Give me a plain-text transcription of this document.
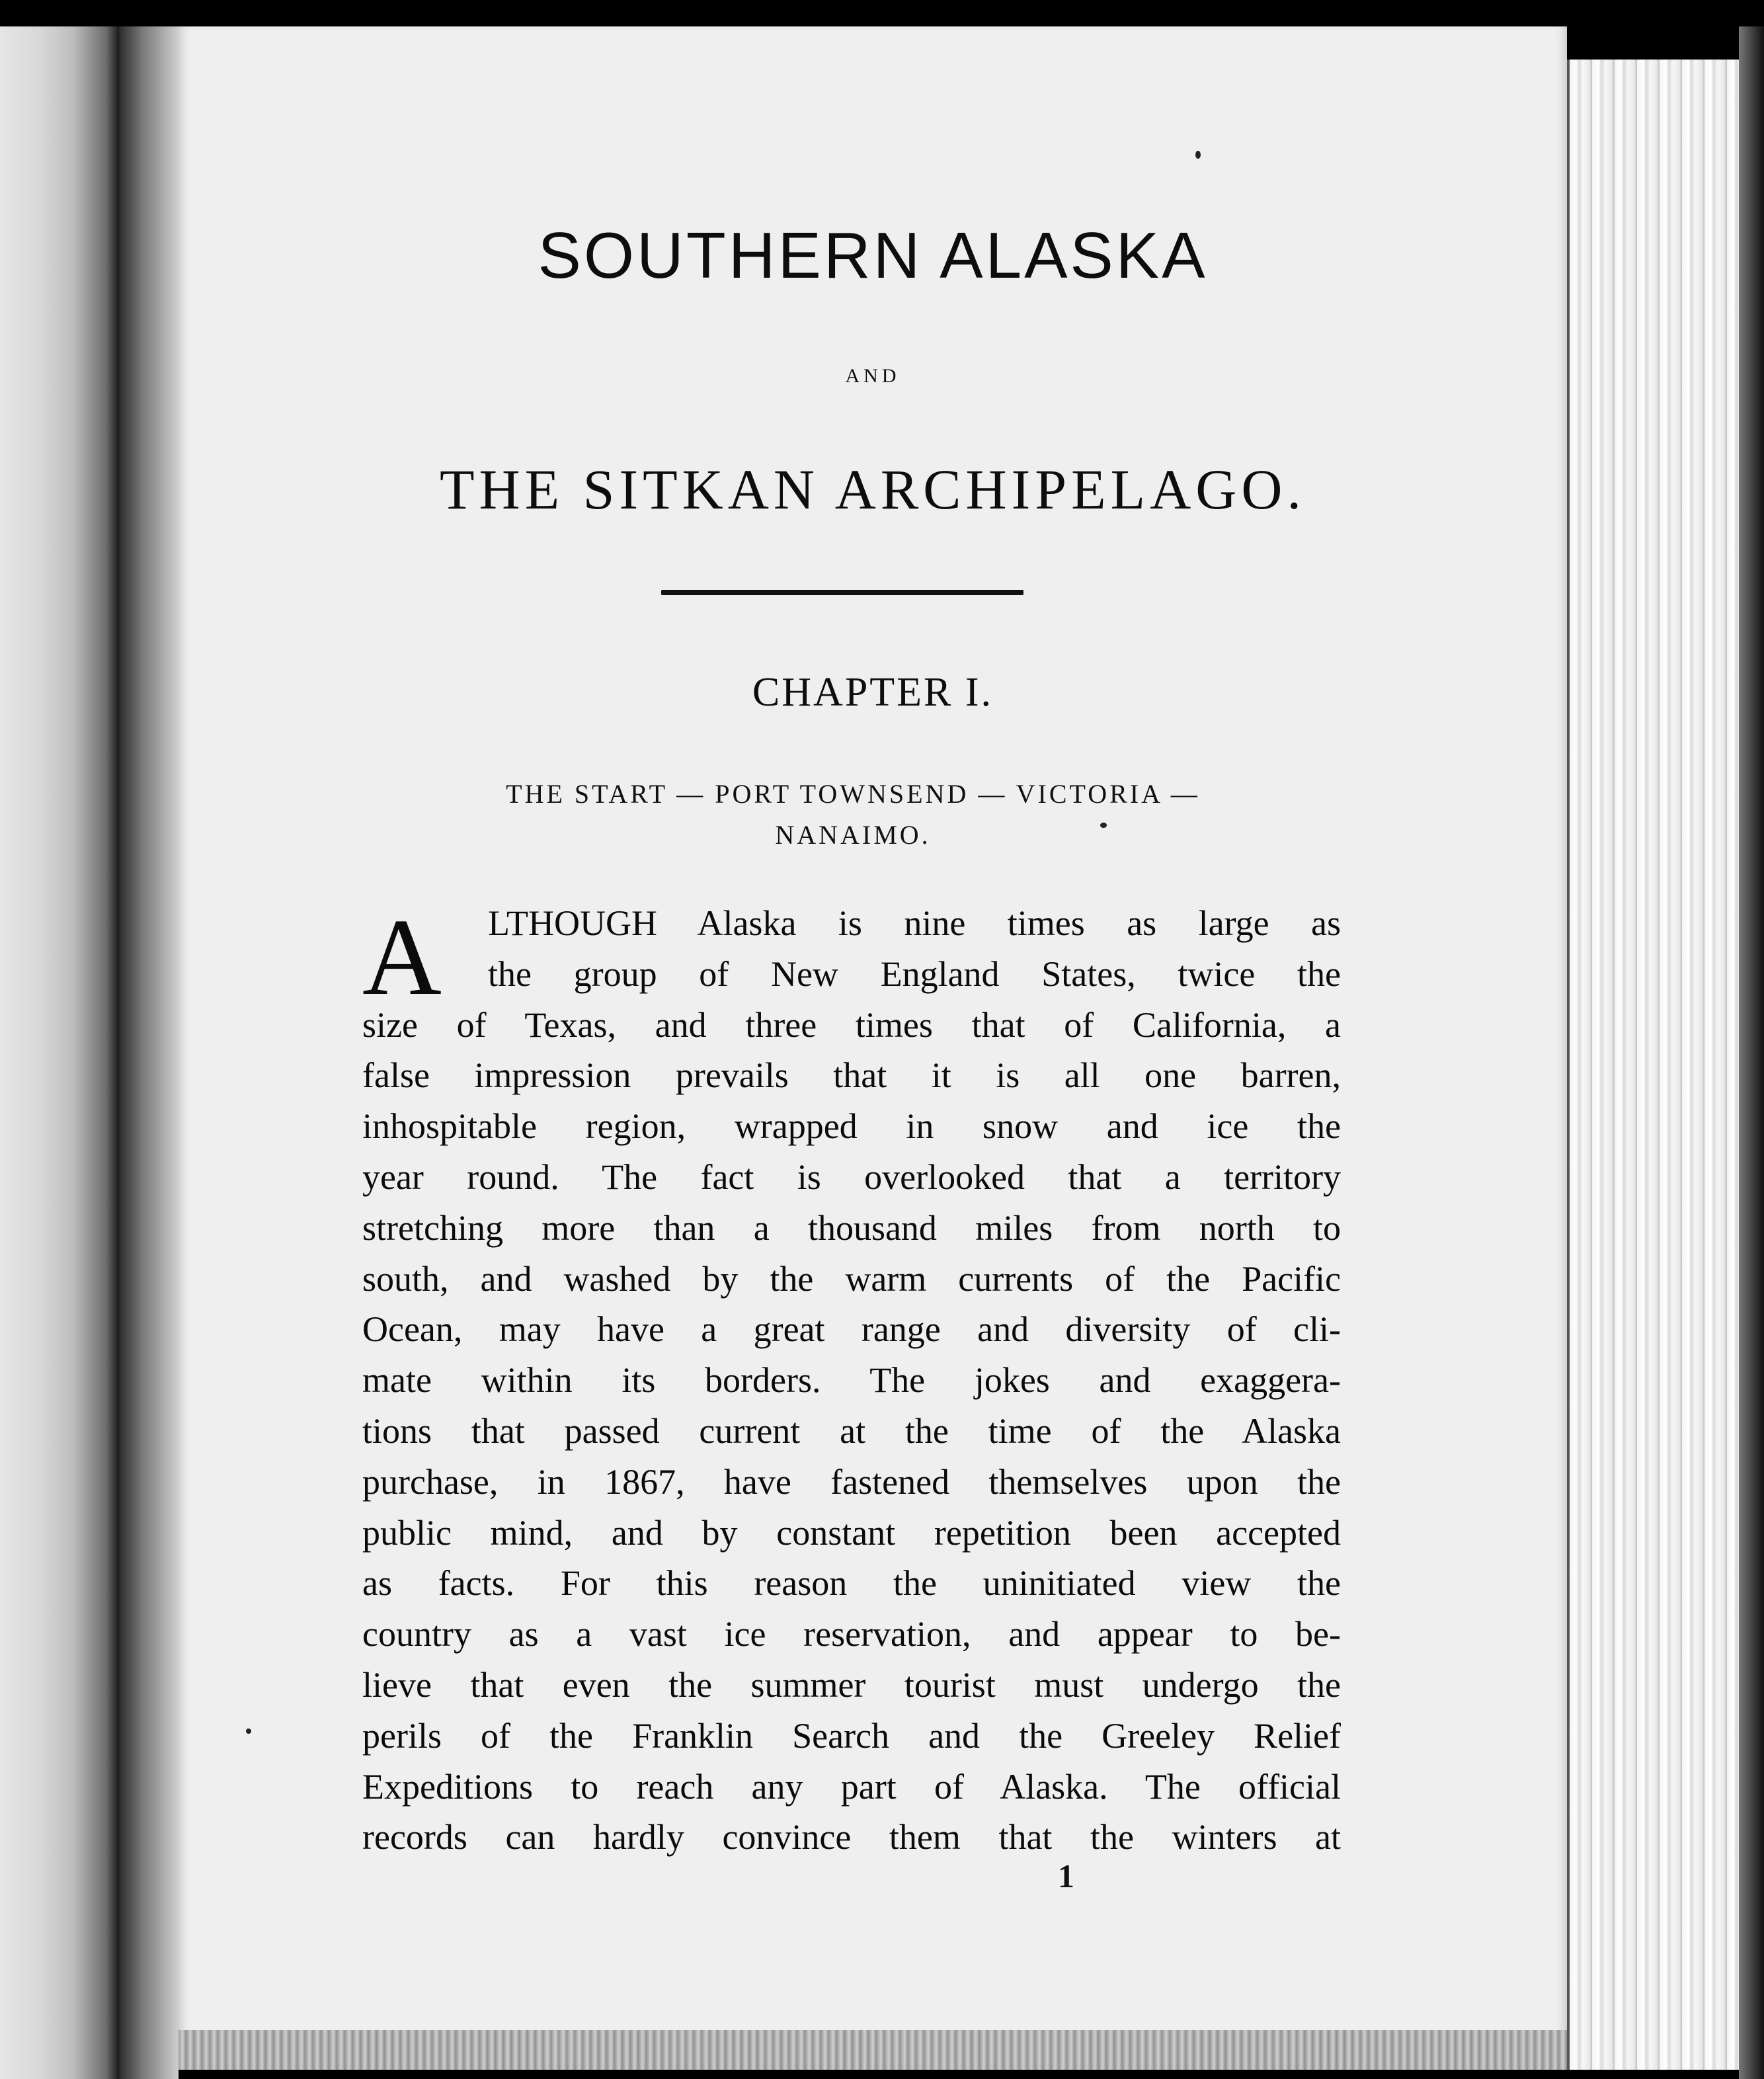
SOUTHERN ALASKA
AND
THE SITKAN ARCHIPELAGO.
CHAPTER I.
THE START — PORT TOWNSEND — VICTORIA —
NANAIMO.
A	LTHOUGH Alaska is nine times as large as
the group of New England States, twice the
size of Texas, and three times that of California, a
false impression prevails that it is all one barren,
inhospitable region, wrapped in snow and ice the
year round. The fact is overlooked that a territory
stretching more than a thousand miles from north to
south, and washed by the warm currents of the Pacific
Ocean, may have a great range and diversity of cli-
mate within its borders. The jokes and exaggera-
tions that passed current at the time of the Alaska
purchase, in 1867, have fastened themselves upon the
public mind, and by constant repetition been accepted
as facts. For this reason the uninitiated view the
country as a vast ice reservation, and appear to be-
lieve that even the summer tourist must undergo the
perils of the Franklin Search and the Greeley Relief
Expeditions to reach any part of Alaska. The official
records can hardly convince them that the winters at
1
